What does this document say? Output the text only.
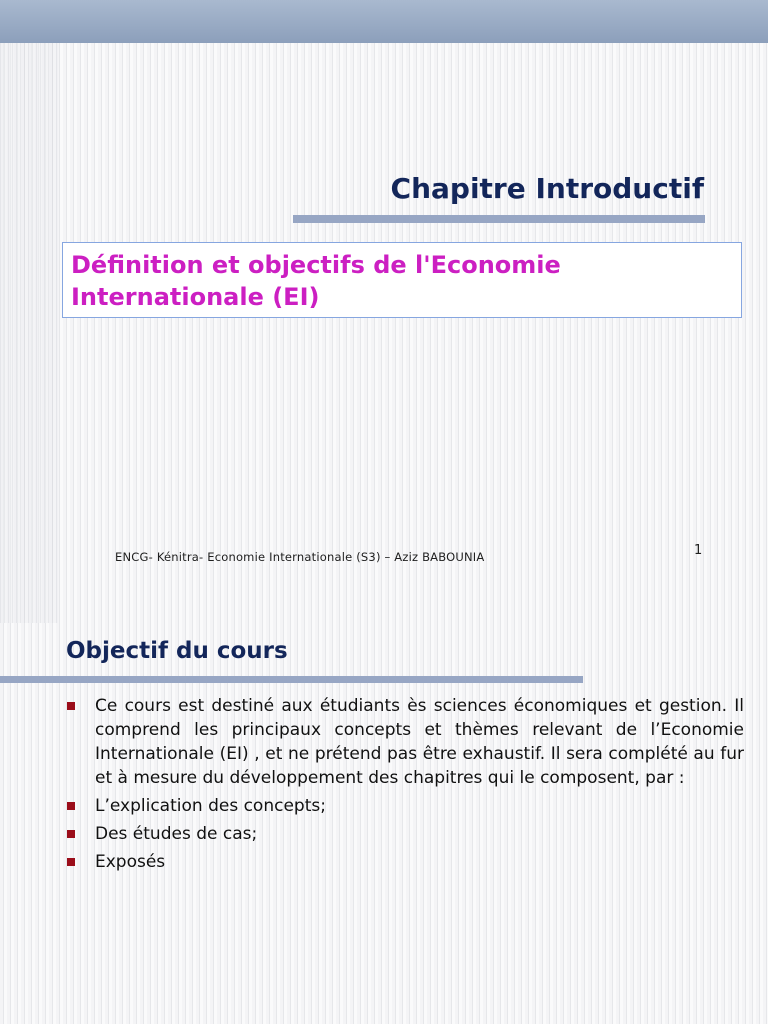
Chapitre Introductif

Définition et objectifs de l'Economie Internationale (EI)

ENCG- Kénitra- Economie Internationale (S3) – Aziz BABOUNIA	1
Objectif du cours
Ce cours est destiné aux étudiants ès sciences économiques et gestion. Il comprend les principaux concepts et thèmes relevant de l’Economie Internationale (EI) , et ne prétend pas être exhaustif. Il sera complété au fur et à mesure du développement des chapitres qui le composent, par :
L’explication des concepts;
Des études de cas;
Exposés
